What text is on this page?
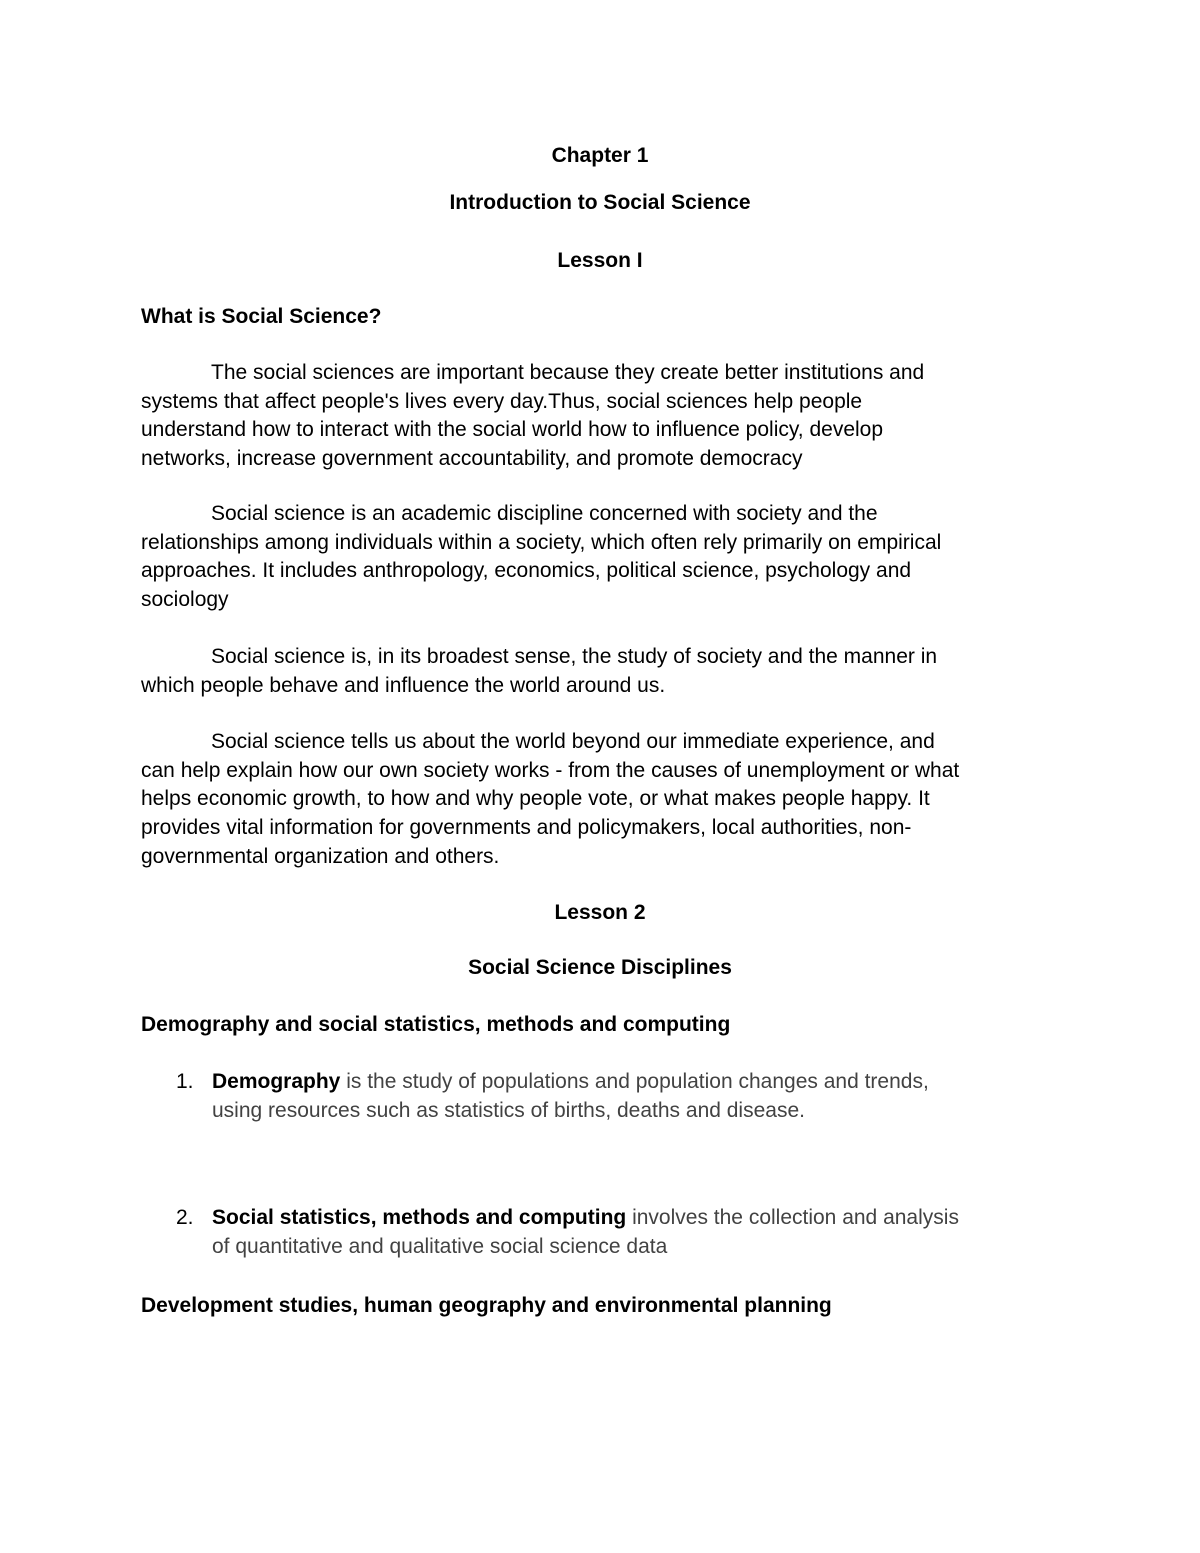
Chapter 1
Introduction to Social Science
Lesson I
What is Social Science?
The social sciences are important because they create better institutions and
systems that affect people's lives every day.Thus, social sciences help people
understand how to interact with the social world how to influence policy, develop
networks, increase government accountability, and promote democracy
Social science is an academic discipline concerned with society and the
relationships among individuals within a society, which often rely primarily on empirical
approaches. It includes anthropology, economics, political science, psychology and
sociology
Social science is, in its broadest sense, the study of society and the manner in
which people behave and influence the world around us.
Social science tells us about the world beyond our immediate experience, and
can help explain how our own society works - from the causes of unemployment or what
helps economic growth, to how and why people vote, or what makes people happy. It
provides vital information for governments and policymakers, local authorities, non-
governmental organization and others.
Lesson 2
Social Science Disciplines
Demography and social statistics, methods and computing
1. Demography is the study of populations and population changes and trends,
using resources such as statistics of births, deaths and disease.
2. Social statistics, methods and computing involves the collection and analysis
of quantitative and qualitative social science data
Development studies, human geography and environmental planning
